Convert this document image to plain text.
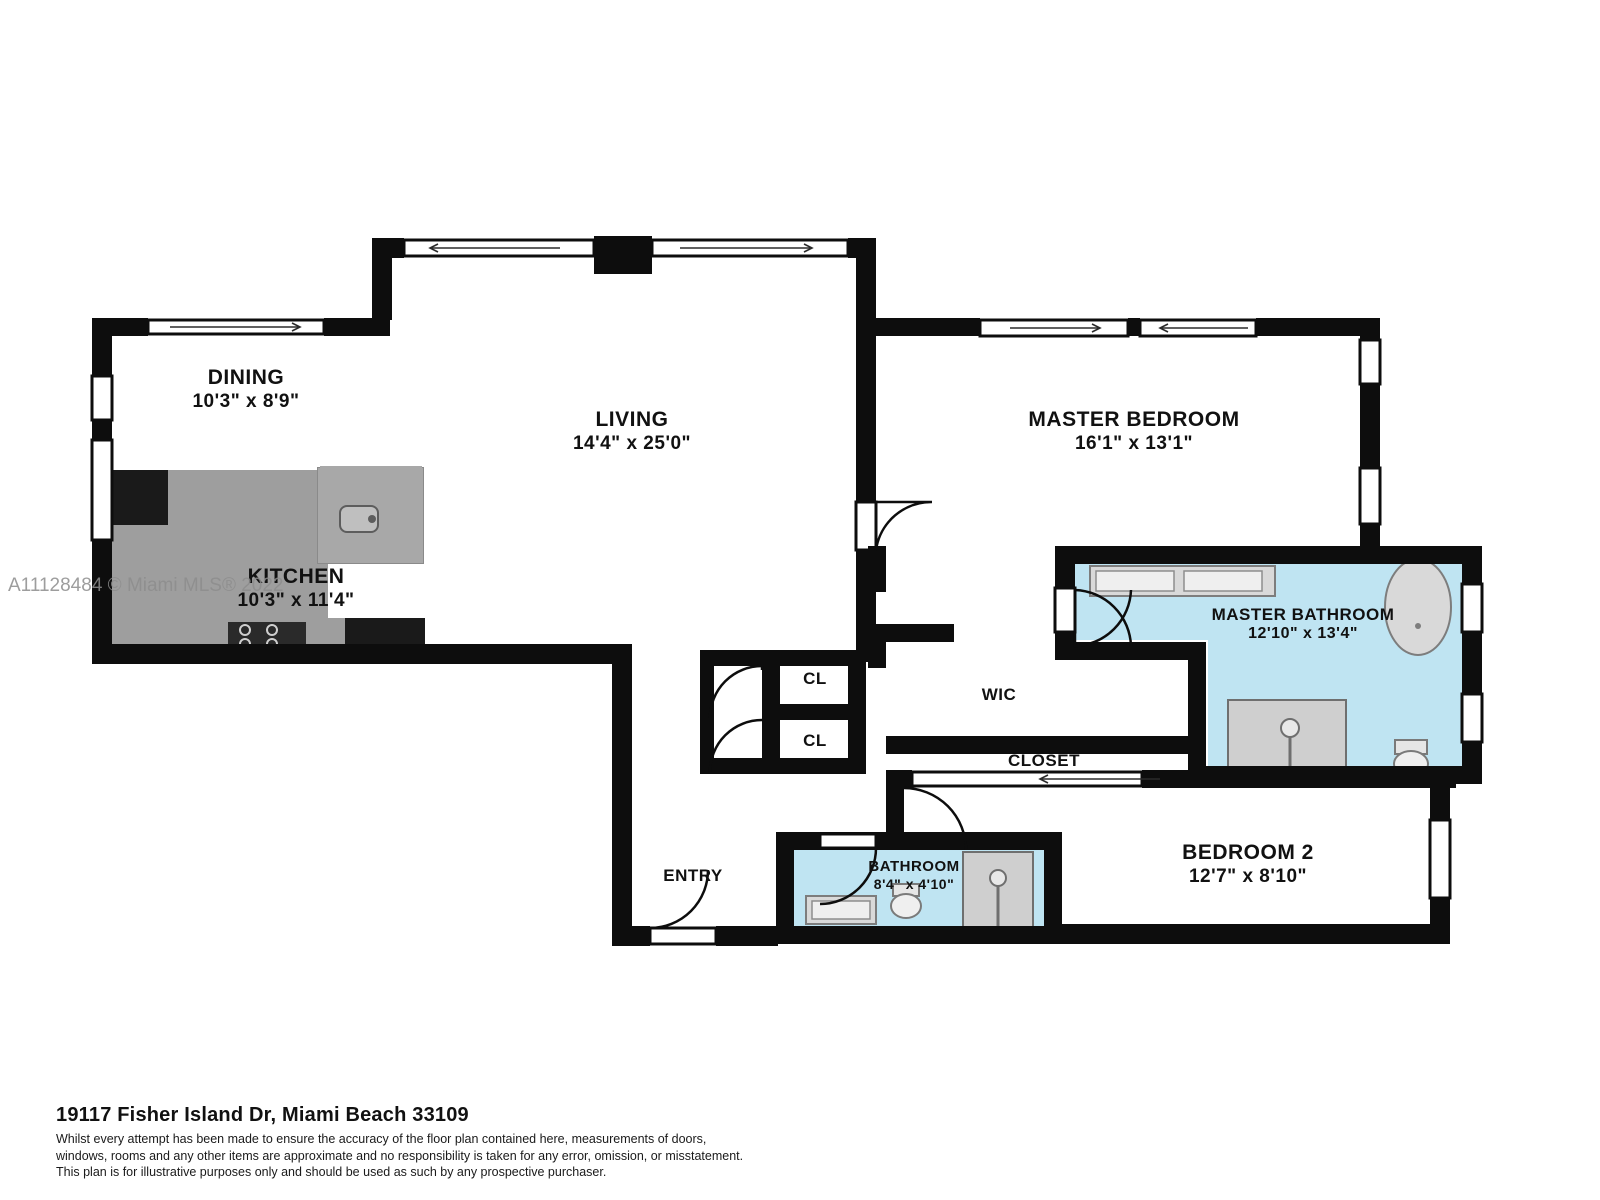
DINING
10'3" x 8'9"
LIVING
14'4" x 25'0"
KITCHEN
10'3" x 11'4"
MASTER BEDROOM
16'1" x 13'1"
MASTER BATHROOM
12'10" x 13'4"
BEDROOM 2
12'7" x 8'10"
BATHROOM
8'4" x 4'10"
WIC
CLOSET
CL
CL
ENTRY
A11128484 © Miami MLS® 2022
19117 Fisher Island Dr, Miami Beach 33109
Whilst every attempt has been made to ensure the accuracy of the floor plan contained here, measurements of doors,
windows, rooms and any other items are approximate and no responsibility is taken for any error, omission, or misstatement.
This plan is for illustrative purposes only and should be used as such by any prospective purchaser.
